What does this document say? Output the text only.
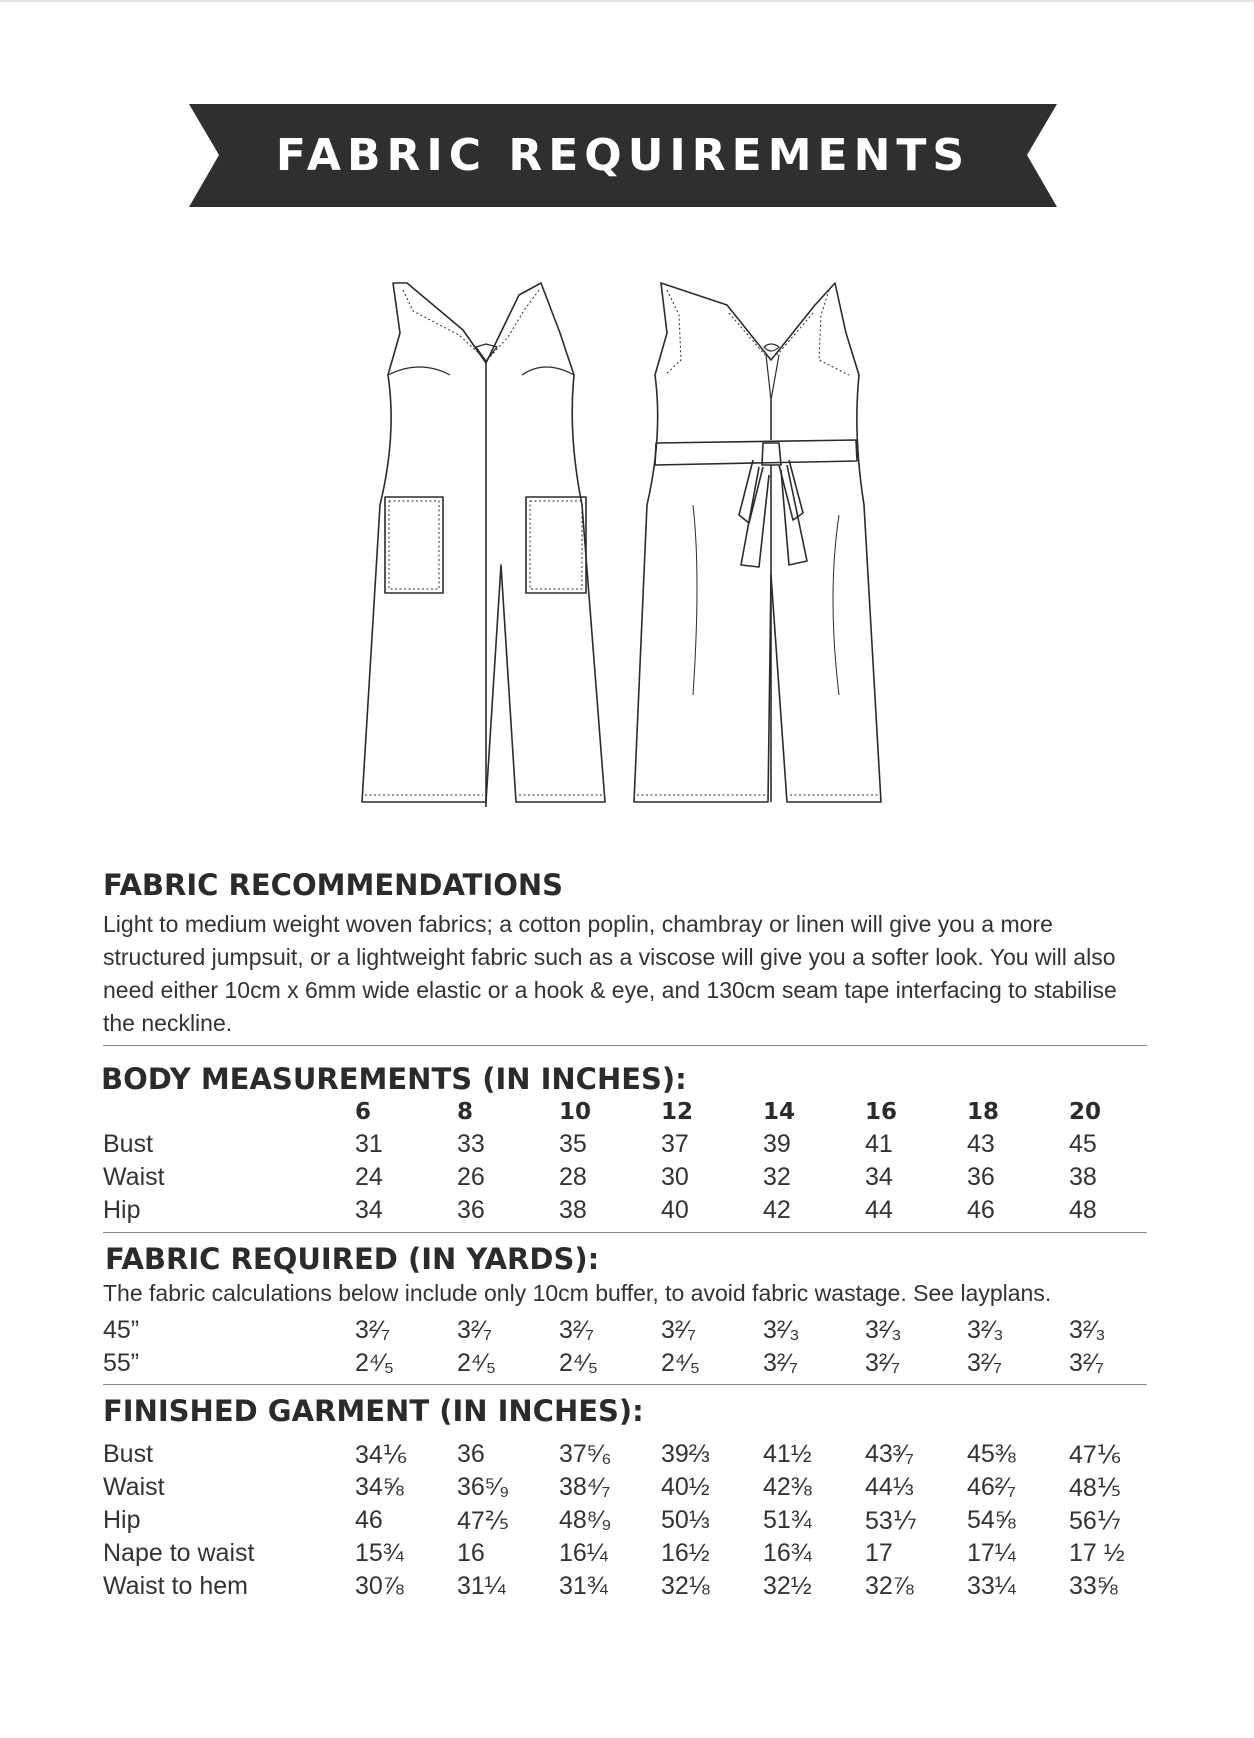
FABRIC REQUIREMENTS
FABRIC RECOMMENDATIONS

Light to medium weight woven fabrics; a cotton poplin, chambray or linen will give you a more structured jumpsuit, or a lightweight fabric such as a viscose will give you a softer look. You will also need either 10cm x 6mm wide elastic or a hook & eye, and 130cm seam tape interfacing to stabilise the neckline.

BODY MEASUREMENTS (IN INCHES):
	6	8	10	12	14	16	18	20
Bust	31	33	35	37	39	41	43	45
Waist	24	26	28	30	32	34	36	38
Hip	34	36	38	40	42	44	46	48
FABRIC REQUIRED (IN YARDS):

The fabric calculations below include only 10cm buffer, to avoid fabric wastage. See layplans.

45”	3²⁄₇	3²⁄₇	3²⁄₇	3²⁄₇	3²⁄₃	3²⁄₃	3²⁄₃	3²⁄₃
55”	2⁴⁄₅	2⁴⁄₅	2⁴⁄₅	2⁴⁄₅	3²⁄₇	3²⁄₇	3²⁄₇	3²⁄₇
FINISHED GARMENT (IN INCHES):
Bust	34⅙	36	37⁵⁄₆	39⅔	41½	43³⁄₇	45⅜	47⅙
Waist	34⅝	36⁵⁄₉	38⁴⁄₇	40½	42⅜	44⅓	46²⁄₇	48⅕
Hip	46	47⅖	48⁸⁄₉	50⅓	51¾	53⅐	54⅝	56⅐
Nape to waist	15¾	16	16¼	16½	16¾	17	17¼	17 ½
Waist to hem	30⅞	31¼	31¾	32⅛	32½	32⅞	33¼	33⅝
